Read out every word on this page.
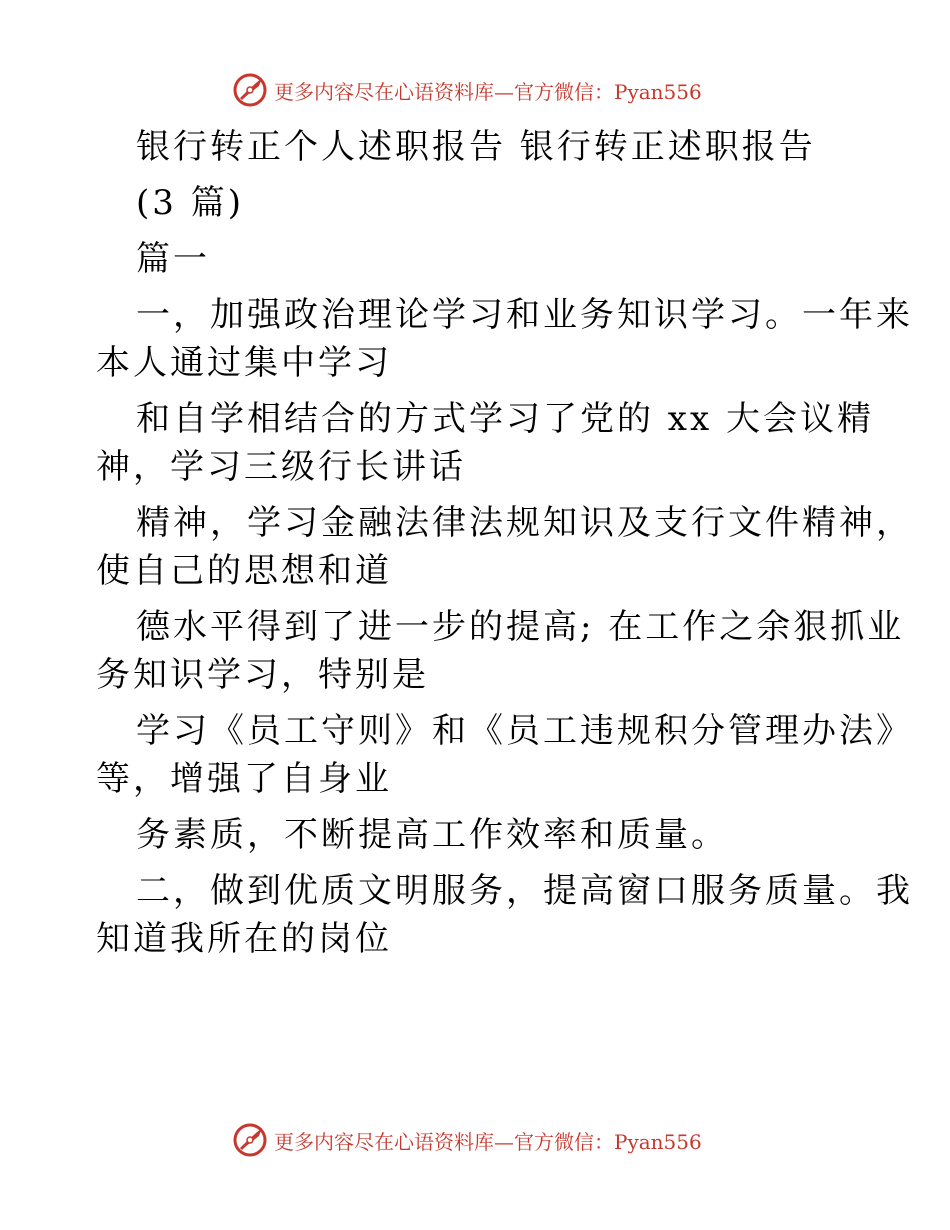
更多内容尽在心语资料库—官方微信：Pyan556
银行转正个人述职报告 银行转正述职报告
(3 篇)
篇一
一，加强政治理论学习和业务知识学习。一年来
本人通过集中学习
和自学相结合的方式学习了党的 xx 大会议精
神，学习三级行长讲话
精神，学习金融法律法规知识及支行文件精神，
使自己的思想和道
德水平得到了进一步的提高; 在工作之余狠抓业
务知识学习，特别是
学习《员工守则》和《员工违规积分管理办法》
等，增强了自身业
务素质，不断提高工作效率和质量。
二，做到优质文明服务，提高窗口服务质量。我
知道我所在的岗位
更多内容尽在心语资料库—官方微信：Pyan556
